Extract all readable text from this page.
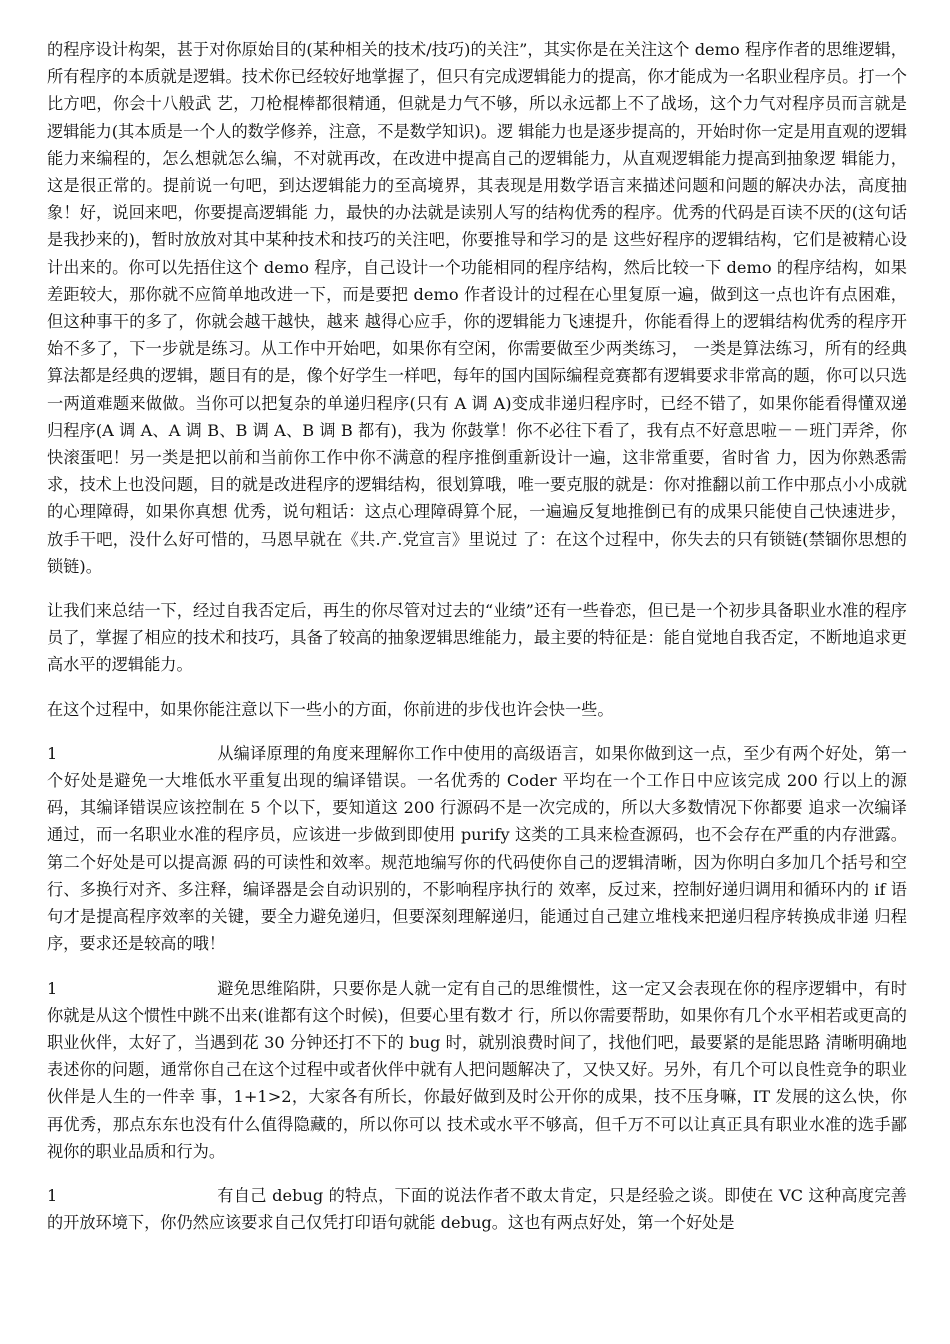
的程序设计构架，甚于对你原始目的(某种相关的技术/技巧)的关注”，其实你是在关注这个 demo 程序作者的思维逻辑，所有程序的本质就是逻辑。技术你已经较好地掌握了，但只有完成逻辑能力的提高，你才能成为一名职业程序员。打一个比方吧，你会十八般武 艺，刀枪棍棒都很精通，但就是力气不够，所以永远都上不了战场，这个力气对程序员而言就是逻辑能力(其本质是一个人的数学修养，注意，不是数学知识)。逻 辑能力也是逐步提高的，开始时你一定是用直观的逻辑能力来编程的，怎么想就怎么编，不对就再改，在改进中提高自己的逻辑能力，从直观逻辑能力提高到抽象逻 辑能力，这是很正常的。提前说一句吧，到达逻辑能力的至高境界，其表现是用数学语言来描述问题和问题的解决办法，高度抽象！好，说回来吧，你要提高逻辑能 力，最快的办法就是读别人写的结构优秀的程序。优秀的代码是百读不厌的(这句话是我抄来的)，暂时放放对其中某种技术和技巧的关注吧，你要推导和学习的是 这些好程序的逻辑结构，它们是被精心设计出来的。你可以先捂住这个 demo 程序，自己设计一个功能相同的程序结构，然后比较一下 demo 的程序结构，如果 差距较大，那你就不应简单地改进一下，而是要把 demo 作者设计的过程在心里复原一遍，做到这一点也许有点困难，但这种事干的多了，你就会越干越快，越来 越得心应手，你的逻辑能力飞速提升，你能看得上的逻辑结构优秀的程序开始不多了，下一步就是练习。从工作中开始吧，如果你有空闲，你需要做至少两类练习， 一类是算法练习，所有的经典算法都是经典的逻辑，题目有的是，像个好学生一样吧，每年的国内国际编程竞赛都有逻辑要求非常高的题，你可以只选一两道难题来做做。当你可以把复杂的单递归程序(只有 A 调 A)变成非递归程序时，已经不错了，如果你能看得懂双递归程序(A 调 A、A 调 B、B 调 A、B 调 B 都有)，我为 你鼓掌！你不必往下看了，我有点不好意思啦－－班门弄斧，你快滚蛋吧！另一类是把以前和当前你工作中你不满意的程序推倒重新设计一遍，这非常重要，省时省 力，因为你熟悉需求，技术上也没问题，目的就是改进程序的逻辑结构，很划算哦，唯一要克服的就是：你对推翻以前工作中那点小小成就的心理障碍，如果你真想 优秀，说句粗话：这点心理障碍算个屁，一遍遍反复地推倒已有的成果只能使自己快速进步，放手干吧，没什么好可惜的，马恩早就在《共.产.党宣言》里说过 了：在这个过程中，你失去的只有锁链(禁锢你思想的锁链)。

让我们来总结一下，经过自我否定后，再生的你尽管对过去的“业绩”还有一些眷恋，但已是一个初步具备职业水准的程序员了，掌握了相应的技术和技巧，具备了较高的抽象逻辑思维能力，最主要的特征是：能自觉地自我否定，不断地追求更高水平的逻辑能力。

在这个过程中，如果你能注意以下一些小的方面，你前进的步伐也许会快一些。

1	从编译原理的角度来理解你工作中使用的高级语言，如果你做到这一点，至少有两个好处，第一个好处是避免一大堆低水平重复出现的编译错误。一名优秀的 Coder 平均在一个工作日中应该完成 200 行以上的源码，其编译错误应该控制在 5 个以下，要知道这 200 行源码不是一次完成的，所以大多数情况下你都要 追求一次编译通过，而一名职业水准的程序员，应该进一步做到即使用 purify 这类的工具来检查源码，也不会存在严重的内存泄露。第二个好处是可以提高源 码的可读性和效率。规范地编写你的代码使你自己的逻辑清晰，因为你明白多加几个括号和空行、多换行对齐、多注释，编译器是会自动识别的，不影响程序执行的 效率，反过来，控制好递归调用和循环内的 if 语句才是提高程序效率的关键，要全力避免递归，但要深刻理解递归，能通过自己建立堆栈来把递归程序转换成非递 归程序，要求还是较高的哦！

1	避免思维陷阱，只要你是人就一定有自己的思维惯性，这一定又会表现在你的程序逻辑中，有时你就是从这个惯性中跳不出来(谁都有这个时候)，但要心里有数才 行，所以你需要帮助，如果你有几个水平相若或更高的职业伙伴，太好了，当遇到花 30 分钟还打不下的 bug 时，就别浪费时间了，找他们吧，最要紧的是能思路 清晰明确地表述你的问题，通常你自己在这个过程中或者伙伴中就有人把问题解决了，又快又好。另外，有几个可以良性竞争的职业伙伴是人生的一件幸 事，1+1>2，大家各有所长，你最好做到及时公开你的成果，技不压身嘛，IT 发展的这么快，你再优秀，那点东东也没有什么值得隐藏的，所以你可以 技术或水平不够高，但千万不可以让真正具有职业水准的选手鄙视你的职业品质和行为。

1	有自己 debug 的特点，下面的说法作者不敢太肯定，只是经验之谈。即使在 VC 这种高度完善的开放环境下，你仍然应该要求自己仅凭打印语句就能 debug。这也有两点好处，第一个好处是
